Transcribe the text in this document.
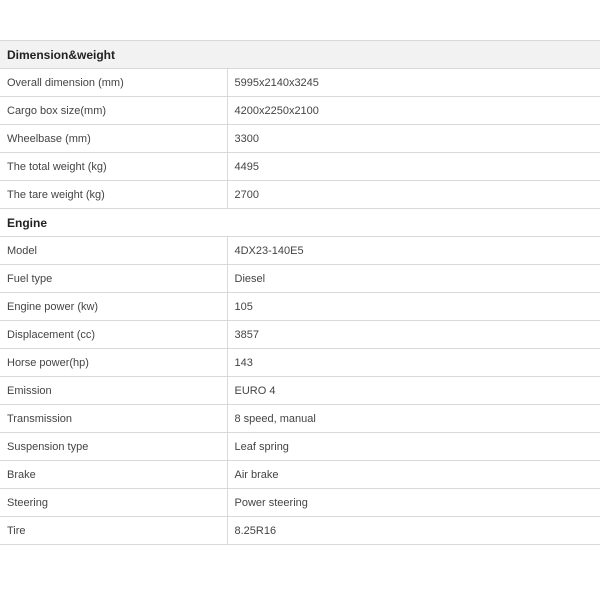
Dimension&weight	
Overall dimension (mm)	5995x2140x3245
Cargo box size(mm)	4200x2250x2100
Wheelbase (mm)	3300
The total weight (kg)	4495
The tare weight (kg)	2700
Engine	
Model	4DX23-140E5
Fuel type	Diesel
Engine power (kw)	105
Displacement (cc)	3857
Horse power(hp)	143
Emission	EURO 4
Transmission	8 speed, manual
Suspension type	Leaf spring
Brake	Air brake
Steering	Power steering
Tire	8.25R16
